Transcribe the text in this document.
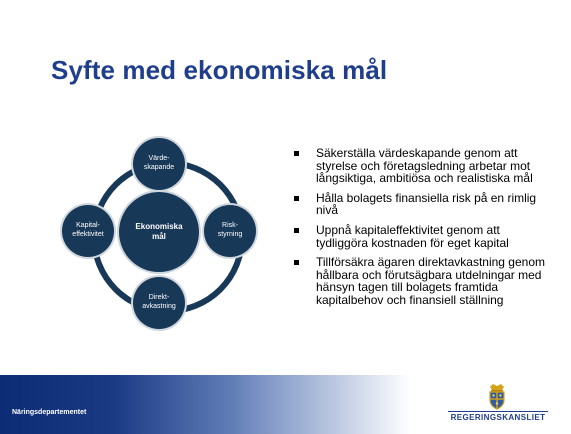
Syfte med ekonomiska mål
Ekonomiska
mål
Värde-
skapande
Risk-
styrning
Direkt-
avkastning
Kapital-
effektivitet
Säkerställa värdeskapande genom att styrelse och företagsledning arbetar mot långsiktiga, ambitiösa och realistiska mål
Hålla bolagets finansiella risk på en rimlig nivå
Uppnå kapitaleffektivitet genom att tydliggöra kostnaden för eget kapital
Tillförsäkra ägaren direktavkastning genom hållbara och förutsägbara utdelningar med hänsyn tagen till bolagets framtida kapitalbehov och finansiell ställning
Näringsdepartementet
REGERINGSKANSLIET
